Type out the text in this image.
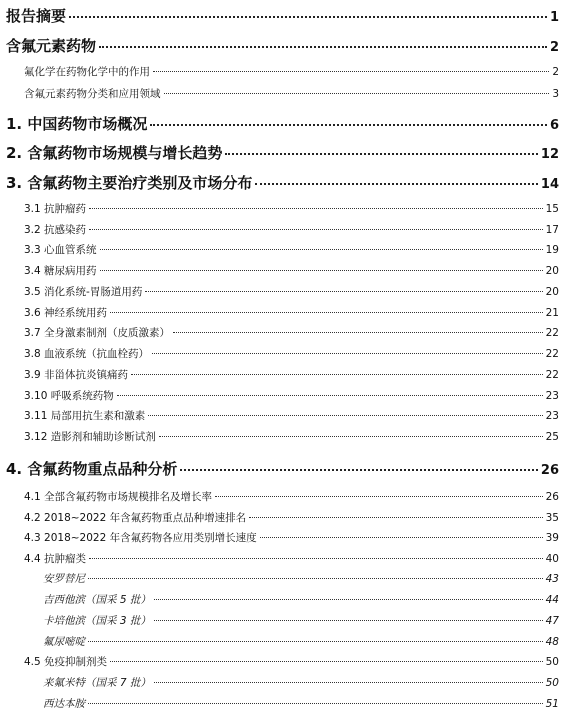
报告摘要	1
含氟元素药物	2
氟化学在药物化学中的作用	2
含氟元素药物分类和应用领域	3
1. 中国药物市场概况	6
2. 含氟药物市场规模与增长趋势	12
3. 含氟药物主要治疗类别及市场分布	14
3.1 抗肿瘤药	15
3.2 抗感染药	17
3.3 心血管系统	19
3.4 糖尿病用药	20
3.5 消化系统-胃肠道用药	20
3.6 神经系统用药	21
3.7 全身激素制剂（皮质激素）	22
3.8 血液系统（抗血栓药）	22
3.9 非甾体抗炎镇痛药	22
3.10 呼吸系统药物	23
3.11 局部用抗生素和激素	23
3.12 造影剂和辅助诊断试剂	25
4. 含氟药物重点品种分析	26
4.1 全部含氟药物市场规模排名及增长率	26
4.2 2018~2022 年含氟药物重点品种增速排名	35
4.3 2018~2022 年含氟药物各应用类别增长速度	39
4.4 抗肿瘤类	40
安罗替尼	43
吉西他滨（国采 5 批）	44
卡培他滨（国采 3 批）	47
氟尿嘧啶	48
4.5 免疫抑制剂类	50
来氟米特（国采 7 批）	50
西达本胺	51
